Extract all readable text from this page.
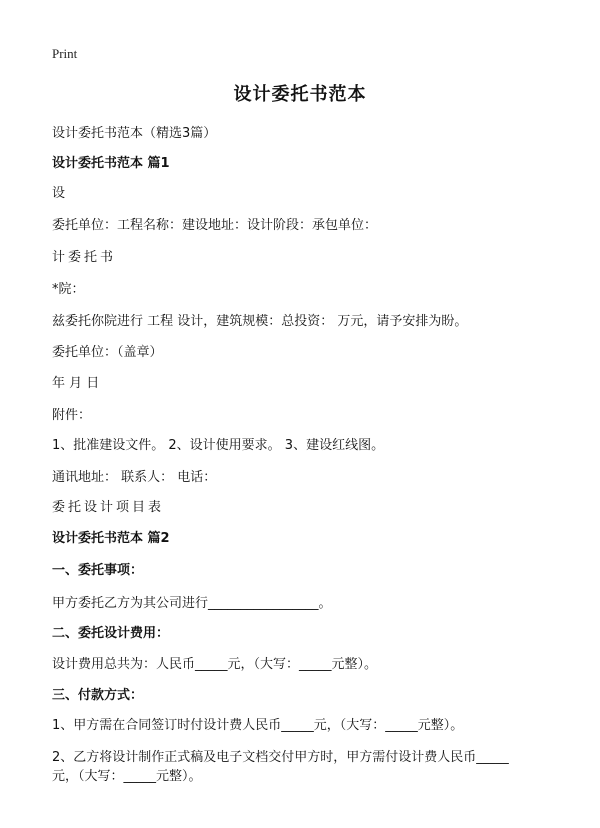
Print
设计委托书范本
设计委托书范本（精选3篇）
设计委托书范本 篇1
设
委托单位：工程名称：建设地址：设计阶段：承包单位：
计委托书
*院：
兹委托你院进行 工程 设计，建筑规模：总投资： 万元，请予安排为盼。
委托单位：（盖章）
年 月 日
附件：
1、批准建设文件。 2、设计使用要求。 3、建设红线图。
通讯地址： 联系人： 电话：
委托设计项目表
设计委托书范本 篇2
一、委托事项：
甲方委托乙方为其公司进行_________________。
二、委托设计费用：
设计费用总共为：人民币_____元，（大写：_____元整）。
三、付款方式：
1、甲方需在合同签订时付设计费人民币_____元，（大写：_____元整）。
2、乙方将设计制作正式稿及电子文档交付甲方时，甲方需付设计费人民币_____
元，（大写：_____元整）。
